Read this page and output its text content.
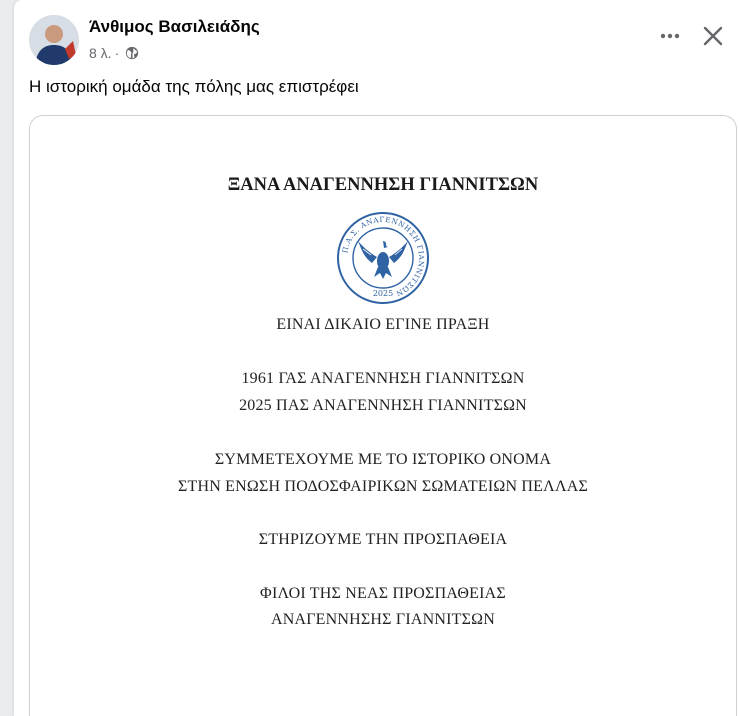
Άνθιμος Βασιλειάδης
8 λ. ·
Η ιστορική ομάδα της πόλης μας επιστρέφει
ΞΑΝΑ ΑΝΑΓΕΝΝΗΣΗ ΓΙΑΝΝΙΤΣΩΝ
Π.Α.Σ. ΑΝΑΓΕΝΝΗΣΗ ΓΙΑΝΝΙΤΣΩΝ
2025
ΕΙΝΑΙ ΔΙΚΑΙΟ ΕΓΙΝΕ ΠΡΑΞΗ
1961 ΓΑΣ ΑΝΑΓΕΝΝΗΣΗ ΓΙΑΝΝΙΤΣΩΝ
2025 ΠΑΣ ΑΝΑΓΕΝΝΗΣΗ ΓΙΑΝΝΙΤΣΩΝ
ΣΥΜΜΕΤΕΧΟΥΜΕ ΜΕ ΤΟ ΙΣΤΟΡΙΚΟ ΟΝΟΜΑ
ΣΤΗΝ ΕΝΩΣΗ ΠΟΔΟΣΦΑΙΡΙΚΩΝ ΣΩΜΑΤΕΙΩΝ ΠΕΛΛΑΣ
ΣΤΗΡΙΖΟΥΜΕ ΤΗΝ ΠΡΟΣΠΑΘΕΙΑ
ΦΙΛΟΙ ΤΗΣ ΝΕΑΣ ΠΡΟΣΠΑΘΕΙΑΣ
ΑΝΑΓΕΝΝΗΣΗΣ ΓΙΑΝΝΙΤΣΩΝ
